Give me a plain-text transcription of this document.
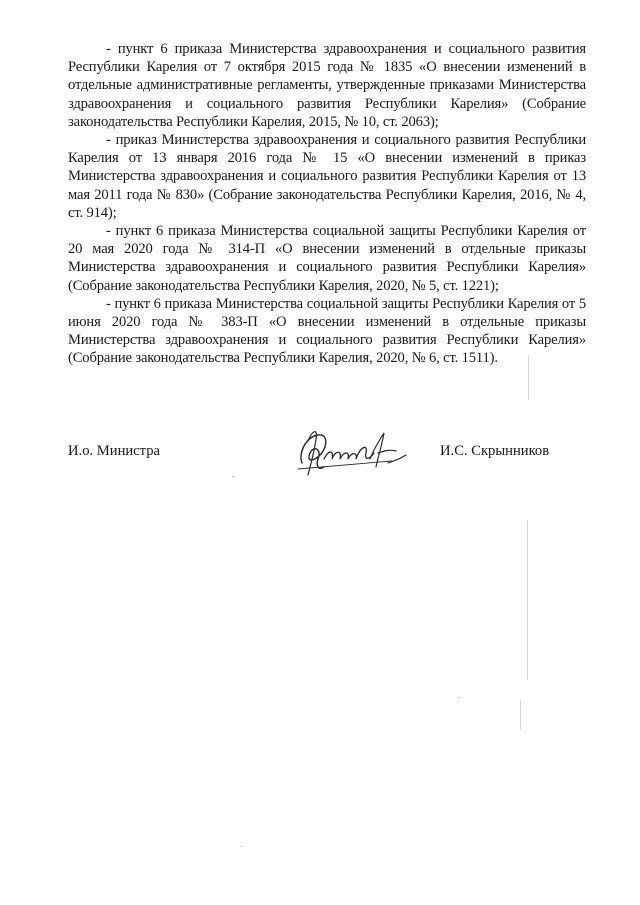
- пункт 6 приказа Министерства здравоохранения и социального развития Республики Карелия от 7 октября 2015 года № 1835 «О внесении изменений в отдельные административные регламенты, утвержденные приказами Министерства здравоохранения и социального развития Республики Карелия» (Собрание законодательства Республики Карелия, 2015, № 10, ст. 2063);

- приказ Министерства здравоохранения и социального развития Республики Карелия от 13 января 2016 года № 15 «О внесении изменений в приказ Министерства здравоохранения и социального развития Республики Карелия от 13 мая 2011 года № 830» (Собрание законодательства Республики Карелия, 2016, № 4, ст. 914);

- пункт 6 приказа Министерства социальной защиты Республики Карелия от 20 мая 2020 года № 314-П «О внесении изменений в отдельные приказы Министерства здравоохранения и социального развития Республики Карелия» (Собрание законодательства Республики Карелия, 2020, № 5, ст. 1221);

- пункт 6 приказа Министерства социальной защиты Республики Карелия от 5 июня 2020 года № 383-П «О внесении изменений в отдельные приказы Министерства здравоохранения и социального развития Республики Карелия» (Собрание законодательства Республики Карелия, 2020, № 6, ст. 1511).

И.о. Министра	И.С. Скрынников
